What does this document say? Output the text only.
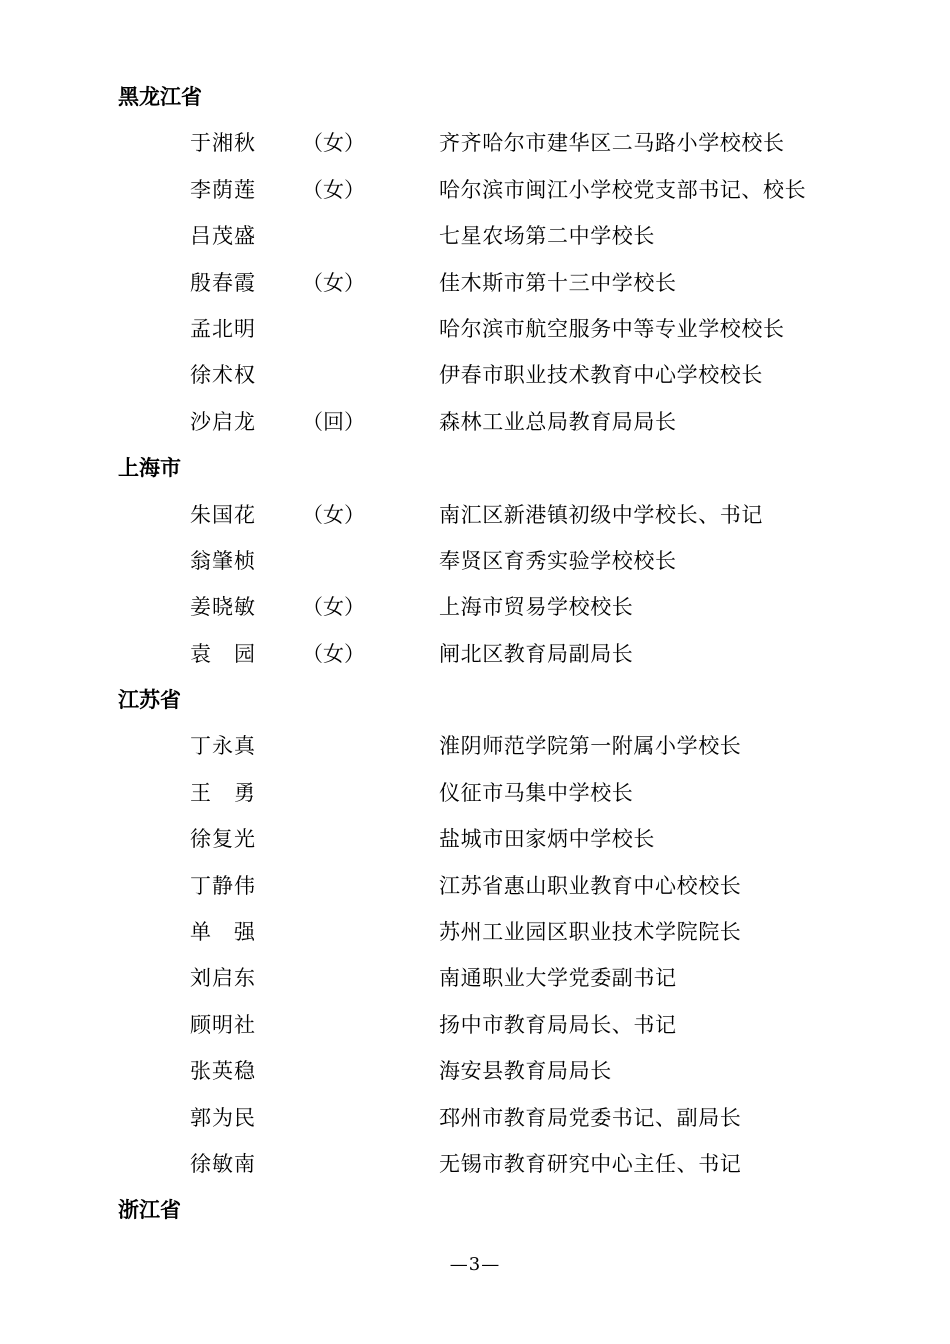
黑龙江省
于湘秋 （女）	齐齐哈尔市建华区二马路小学校校长
李荫莲 （女）	哈尔滨市闽江小学校党支部书记、校长
吕茂盛	七星农场第二中学校长
殷春霞 （女）	佳木斯市第十三中学校长
孟北明	哈尔滨市航空服务中等专业学校校长
徐术权	伊春市职业技术教育中心学校校长
沙启龙 （回）	森林工业总局教育局局长
上海市
朱国花 （女）	南汇区新港镇初级中学校长、书记
翁肇桢	奉贤区育秀实验学校校长
姜晓敏 （女）	上海市贸易学校校长
袁　园 （女）	闸北区教育局副局长
江苏省
丁永真	淮阴师范学院第一附属小学校长
王　勇	仪征市马集中学校长
徐复光	盐城市田家炳中学校长
丁静伟	江苏省惠山职业教育中心校校长
单　强	苏州工业园区职业技术学院院长
刘启东	南通职业大学党委副书记
顾明社	扬中市教育局局长、书记
张英稳	海安县教育局局长
郭为民	邳州市教育局党委书记、副局长
徐敏南	无锡市教育研究中心主任、书记
浙江省
—3—
